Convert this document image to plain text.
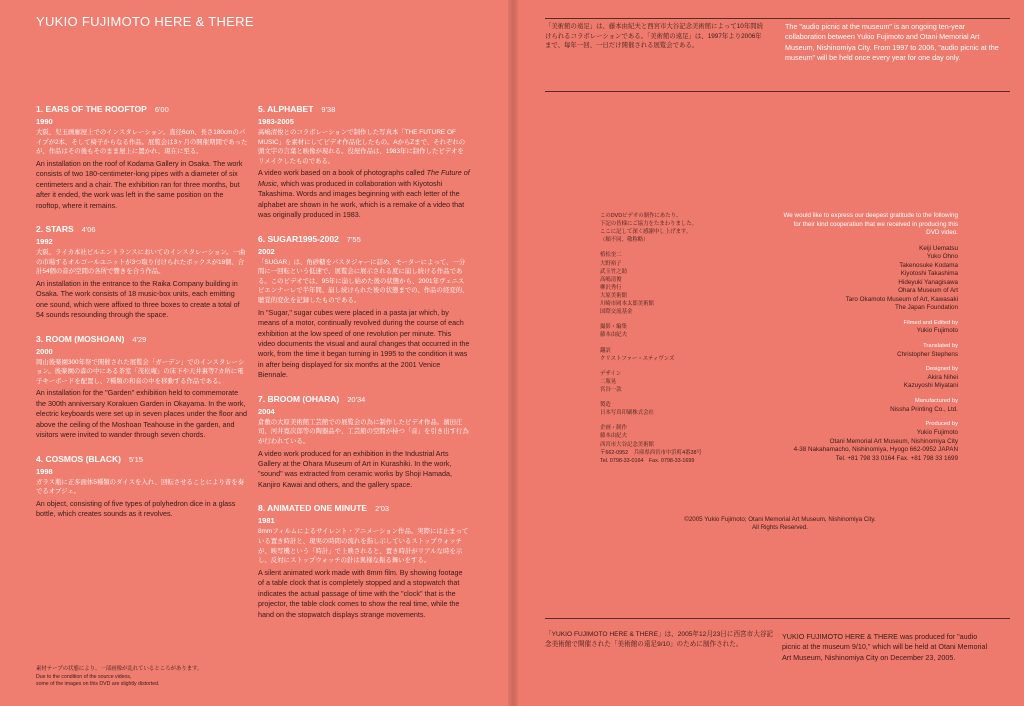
YUKIO FUJIMOTO HERE & THERE
1. EARS OF THE ROOFTOP 6'00
1990
大阪、児玉画廊屋上でのインスタレーション。直径6cm、長さ180cmのパイプが2本、そして椅子からなる作品。展覧会は3ヶ月の開催期間であったが、作品はその後もそのまま屋上に置かれ、現在に至る。
An installation on the roof of Kodama Gallery in Osaka. The work consists of two 180-centimeter-long pipes with a diameter of six centimeters and a chair. The exhibition ran for three months, but after it ended, the work was left in the same position on the rooftop, where it remains.
2. STARS 4'06
1992
大阪、ライカ本社ビルエントランスにおいてのインスタレーション。一曲の市場するオルゴールユニットが3つ取り付けられたボックスが18個、合計54個の音が空間の各所で響きを合う作品。
An installation in the entrance to the Raika Company building in Osaka. The work consists of 18 music-box units, each emitting one sound, which were affixed to three boxes to create a total of 54 sounds resounding through the space.
3. ROOM (MOSHOAN) 4'29
2000
岡山後楽園300年祭で開催された展覧会「ガーデン」でのインスタレーション。後楽園の森の中にある茶室「茂松庵」の床下や天井裏等7カ所に電子キーボードを配置し、7種類の和音の中を移動する作品である。
An installation for the "Garden" exhibition held to commemorate the 300th anniversary Korakuen Garden in Okayama. In the work, electric keyboards were set up in seven places under the floor and above the ceiling of the Moshoan Teahouse in the garden, and visitors were invited to wander through seven chords.
4. COSMOS (BLACK) 5'15
1998
ガラス瓶に正多面体5種類のダイスを入れ、回転させることにより音を奏でるオブジェ。
An object, consisting of five types of polyhedron dice in a glass bottle, which creates sounds as it revolves.
5. ALPHABET 9'38
1983-2005
高嶋清俊とのコラボレーションで制作した写真本「THE FUTURE OF MUSIC」を素材にしてビデオ作品化したもの。AからZまで、それぞれの頭文字の言葉と映像が現れる。役屋作品は、1983年に制作したビデオをリメイクしたものである。
A video work based on a book of photographs called The Future of Music, which was produced in collaboration with Kiyotoshi Takashima. Words and images beginning with each letter of the alphabet are shown in he work, which is a remake of a video that was originally produced in 1983.
6. SUGAR1995-2002 7'55
2002
「SUGAR」は、角砂糖をパスタジャーに詰め、モーターによって、一分間に一回転という低速で、展覧会に展示される度に崩し続ける作品である。このビデオでは、95年に崩し始めた後の状態から、2001年ヴェニスビエンナーレで半年間、崩し続けられた後の状態までの、作品の経変的、聴覚的変化を記録したものである。
In "Sugar," sugar cubes were placed in a pasta jar which, by means of a motor, continually revolved during the course of each exhibition at the low speed of one revolution per minute. This video documents the visual and aural changes that occurred in the work, from the time it began turning in 1995 to the condition it was in after being displayed for six months at the 2001 Venice Biennale.
7. BROOM (OHARA) 20'34
2004
倉敷の大原美術館工芸館での展覧会の為に制作したビデオ作品。濱田庄司、河井寛次郎等の陶器品や、工芸館の空間が持つ「音」を引き出す行為が行われている。
A video work produced for an exhibition in the Industrial Arts Gallery at the Ohara Museum of Art in Kurashiki. In the work, "sound" was extracted from ceramic works by Shoji Hamada, Kanjiro Kawai and others, and the gallery space.
8. ANIMATED ONE MINUTE 2'03
1981
8mmフィルムによるサイレント・アニメーション作品。実際には止まっている置き時計と、現実の時間の流れを指し示しているストップウォッチが、映写機という「時計」で上映されると、置き時計がリアルな時を示し、反対にストップウォッチの針は異様な振る舞いをする。
A silent animated work made with 8mm film. By showing footage of a table clock that is completely stopped and a stopwatch that indicates the actual passage of time with the "clock" that is the projector, the table clock comes to show the real time, while the hand on the stopwatch displays strange movements.
素材テープの状態により、一部画像が乱れているところがあります。
Due to the condition of the source videos,
some of the images on this DVD are slightly distorted.
「美術館の遠足」は、藤本由紀夫と西宮市大谷記念美術館によって10年間続けられるコラボレーションである。「美術館の遠足」は、1997年より2006年まで、毎年一回、一日だけ開催される展覧会である。
The "audio picnic at the museum" is an ongoing ten-year collaboration between Yukio Fujimoto and Otani Memorial Art Museum, Nishinomiya City. From 1997 to 2006, "audio picnic at the museum" will be held once every year for one day only.
このDVDビデオの制作にあたり、
下記の皆様にご協力をたまわりました。
ここに記して深く感謝申し上げます。
（順不同、敬称略）
植松奎二
大野裕子
武玉竹之助
高嶋清俊
柳沢秀行
大原美術館
川崎市岡本太郎美術館
国際交流基金
撮影・編集
藤本由紀夫
翻訳
クリストファー・スティヴンズ
デザイン
二瓶晃
宮谷一款
製造
日本写真印刷株式会社
企画・制作
藤本由紀夫
西宮市大谷記念美術館
〒662-0952　兵庫県西宮市中浜町4番38号
Tel. 0798-33-0164　Fax. 0798-33-1699
We would like to express our deepest gratitude to the following for their kind cooperation that we received in producing this DVD video.
Keiji Uematsu
Yuko Ohno
Takenosuke Kodama
Kiyotoshi Takashima
Hideyuki Yanagisawa
Ohara Museum of Art
Taro Okamoto Museum of Art, Kawasaki
The Japan Foundation
Filmed and Edited by
Yukio Fujimoto
Translated by
Christopher Stephens
Designed by
Akira Nihei
Kazuyoshi Miyatani
Manufactured by
Nissha Printing Co., Ltd.
Produced by
Yukio Fujimoto
Otani Memorial Art Museum, Nishinomiya City
4-38 Nakahamacho, Nishinomiya, Hyogo 662-0952 JAPAN
Tel. +81 798 33 0164 Fax. +81 798 33 1699
©2005 Yukio Fujimoto; Otani Memorial Art Museum, Nishinomiya City.
All Rights Reserved.
「YUKIO FUJIMOTO HERE & THERE」は、2005年12月23日に西宮市大谷記念美術館で開催された「美術館の遠足9/10」のために制作された。
YUKIO FUJIMOTO HERE & THERE was produced for "audio picnic at the museum 9/10," which will be held at Otani Memorial Art Museum, Nishinomiya City on December 23, 2005.
